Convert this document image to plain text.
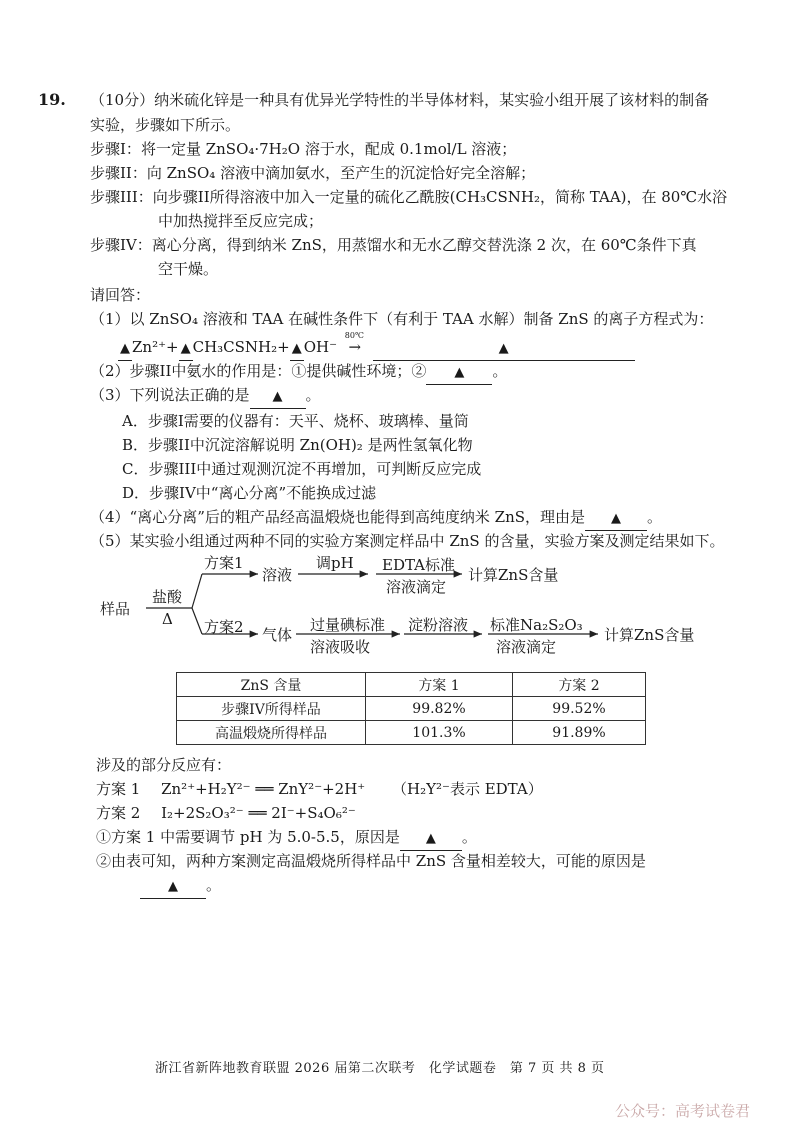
19. （10分）纳米硫化锌是一种具有优异光学特性的半导体材料，某实验小组开展了该材料的制备
实验，步骤如下所示。
步骤I：将一定量 ZnSO₄·7H₂O 溶于水，配成 0.1mol/L 溶液；
步骤II：向 ZnSO₄ 溶液中滴加氨水，至产生的沉淀恰好完全溶解；
步骤III：向步骤II所得溶液中加入一定量的硫化乙酰胺(CH₃CSNH₂，简称 TAA)，在 80℃水浴
中加热搅拌至反应完成；
步骤IV：离心分离，得到纳米 ZnS，用蒸馏水和无水乙醇交替洗涤 2 次，在 60℃条件下真
空干燥。
请回答：
（1）以 ZnSO₄ 溶液和 TAA 在碱性条件下（有利于 TAA 水解）制备 ZnS 的离子方程式为：
▲ Zn²⁺+ ▲ CH₃CSNH₂+ ▲ OH⁻
80℃
→	▲
（2）步骤II中氨水的作用是：①提供碱性环境；② ▲ 。
（3）下列说法正确的是 ▲ 。
A．步骤I需要的仪器有：天平、烧杯、玻璃棒、量筒
B．步骤II中沉淀溶解说明 Zn(OH)₂ 是两性氢氧化物
C．步骤III中通过观测沉淀不再增加，可判断反应完成
D．步骤IV中“离心分离”不能换成过滤
（4）“离心分离”后的粗产品经高温煅烧也能得到高纯度纳米 ZnS，理由是 ▲ 。
（5）某实验小组通过两种不同的实验方案测定样品中 ZnS 的含量，实验方案及测定结果如下。
样品
盐酸
Δ
方案1
方案2
溶液
调pH EDTA标准
溶液滴定
计算ZnS含量
气体
过量碘标准
溶液吸收
淀粉溶液 标准Na₂S₂O₃
溶液滴定
计算ZnS含量
ZnS 含量	方案 1	方案 2
步骤IV所得样品	99.82%	99.52%
高温煅烧所得样品	101.3%	91.89%
涉及的部分反应有：
方案 1 Zn²⁺+H₂Y²⁻ ══ ZnY²⁻+2H⁺ （H₂Y²⁻表示 EDTA）
方案 2 I₂+2S₂O₃²⁻ ══ 2I⁻+S₄O₆²⁻
①方案 1 中需要调节 pH 为 5.0-5.5，原因是 ▲ 。
②由表可知，两种方案测定高温煅烧所得样品中 ZnS 含量相差较大，可能的原因是
▲ 。
浙江省新阵地教育联盟 2026 届第二次联考　化学试题卷　第 7 页 共 8 页
公众号：高考试卷君
